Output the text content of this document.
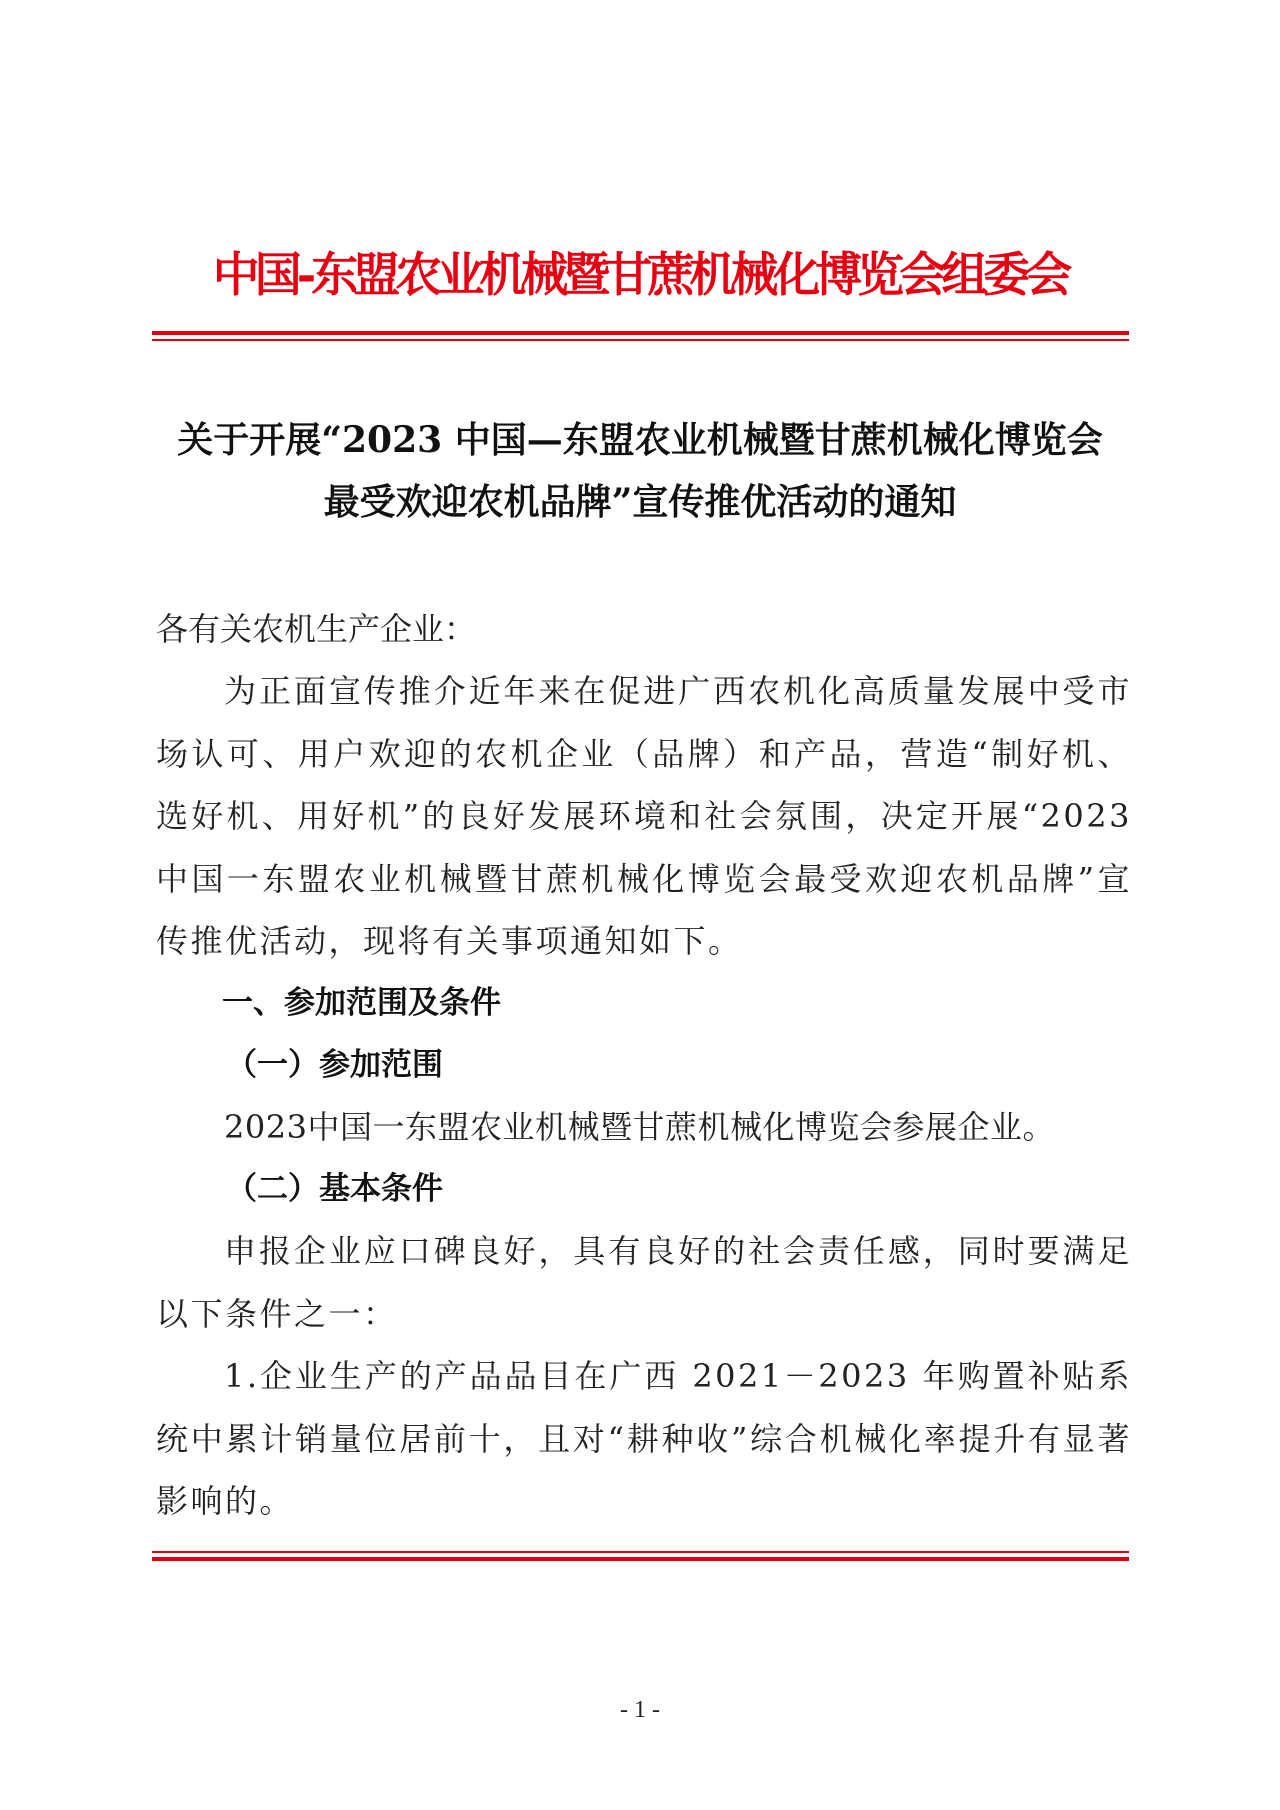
中国-东盟农业机械暨甘蔗机械化博览会组委会
关于开展“2023 中国—东盟农业机械暨甘蔗机械化博览会
最受欢迎农机品牌”宣传推优活动的通知
各有关农机生产企业：
为正面宣传推介近年来在促进广西农机化高质量发展中受市场认可、用户欢迎的农机企业（品牌）和产品，营造“制好机、选好机、用好机”的良好发展环境和社会氛围，决定开展“2023 中国一东盟农业机械暨甘蔗机械化博览会最受欢迎农机品牌”宣传推优活动，现将有关事项通知如下。
一、参加范围及条件
（一）参加范围
2023中国一东盟农业机械暨甘蔗机械化博览会参展企业。
（二）基本条件
申报企业应口碑良好，具有良好的社会责任感，同时要满足以下条件之一：
1.企业生产的产品品目在广西 2021－2023 年购置补贴系统中累计销量位居前十，且对“耕种收”综合机械化率提升有显著影响的。
- 1 -
